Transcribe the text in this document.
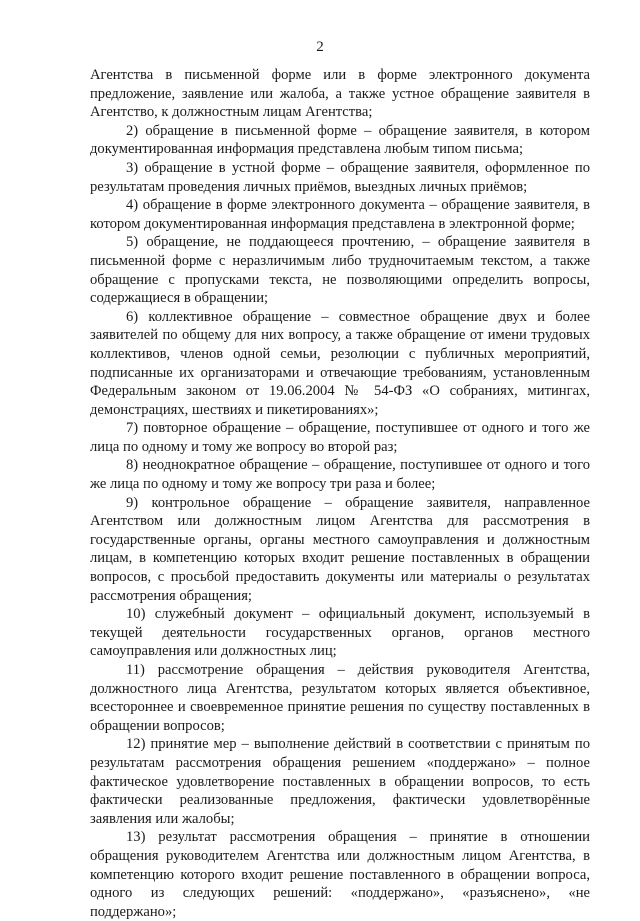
2

Агентства в письменной форме или в форме электронного документа предложение, заявление или жалоба, а также устное обращение заявителя в Агентство, к должностным лицам Агентства;

2) обращение в письменной форме – обращение заявителя, в котором документированная информация представлена любым типом письма;

3) обращение в устной форме – обращение заявителя, оформленное по результатам проведения личных приёмов, выездных личных приёмов;

4) обращение в форме электронного документа – обращение заявителя, в котором документированная информация представлена в электронной форме;

5) обращение, не поддающееся прочтению, – обращение заявителя в письменной форме с неразличимым либо трудночитаемым текстом, а также обращение с пропусками текста, не позволяющими определить вопросы, содержащиеся в обращении;

6) коллективное обращение – совместное обращение двух и более заявителей по общему для них вопросу, а также обращение от имени трудовых коллективов, членов одной семьи, резолюции с публичных мероприятий, подписанные их организаторами и отвечающие требованиям, установленным Федеральным законом от 19.06.2004 № 54-ФЗ «О собраниях, митингах, демонстрациях, шествиях и пикетированиях»;

7) повторное обращение – обращение, поступившее от одного и того же лица по одному и тому же вопросу во второй раз;

8) неоднократное обращение – обращение, поступившее от одного и того же лица по одному и тому же вопросу три раза и более;

9) контрольное обращение – обращение заявителя, направленное Агентством или должностным лицом Агентства для рассмотрения в государственные органы, органы местного самоуправления и должностным лицам, в компетенцию которых входит решение поставленных в обращении вопросов, с просьбой предоставить документы или материалы о результатах рассмотрения обращения;

10) служебный документ – официальный документ, используемый в текущей деятельности государственных органов, органов местного самоуправления или должностных лиц;

11) рассмотрение обращения – действия руководителя Агентства, должностного лица Агентства, результатом которых является объективное, всестороннее и своевременное принятие решения по существу поставленных в обращении вопросов;

12) принятие мер – выполнение действий в соответствии с принятым по результатам рассмотрения обращения решением «поддержано» – полное фактическое удовлетворение поставленных в обращении вопросов, то есть фактически реализованные предложения, фактически удовлетворённые заявления или жалобы;

13) результат рассмотрения обращения – принятие в отношении обращения руководителем Агентства или должностным лицом Агентства, в компетенцию которого входит решение поставленного в обращении вопроса, одного из следующих решений: «поддержано», «разъяснено», «не поддержано»;
